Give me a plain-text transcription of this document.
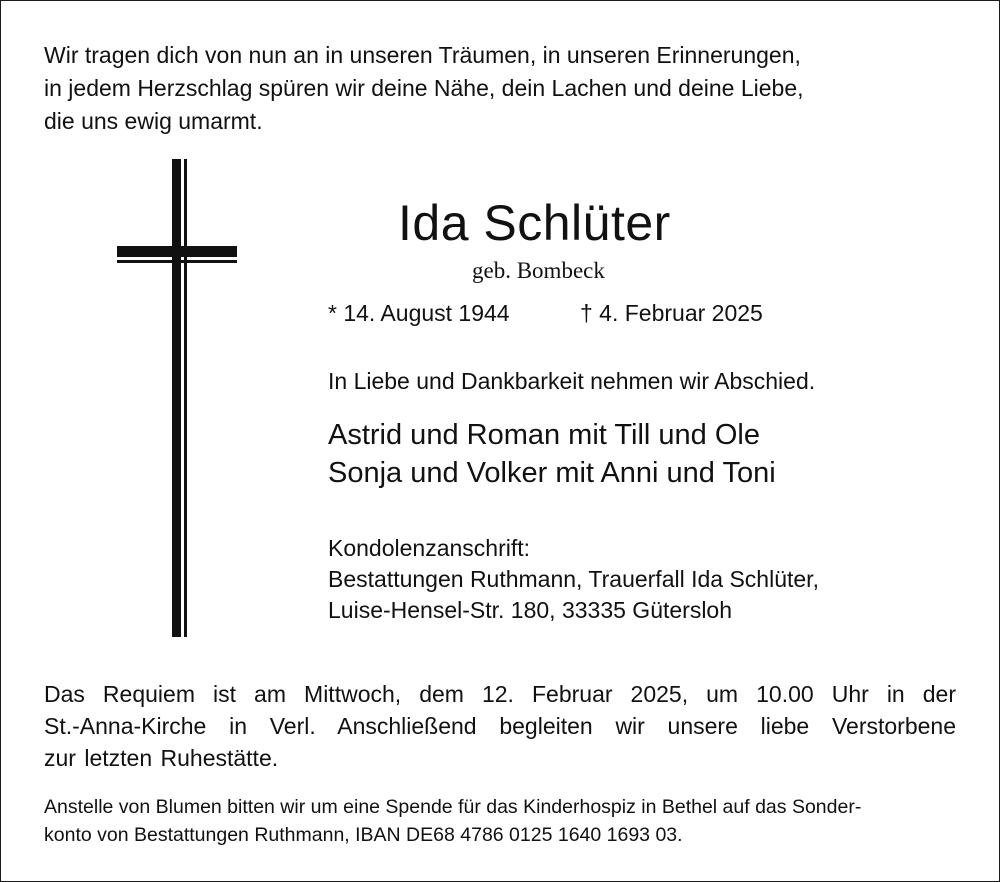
Wir tragen dich von nun an in unseren Träumen, in unseren Erinnerungen,
in jedem Herzschlag spüren wir deine Nähe, dein Lachen und deine Liebe,
die uns ewig umarmt.
Ida Schlüter
geb. Bombeck
* 14. August 1944	† 4. Februar 2025
In Liebe und Dankbarkeit nehmen wir Abschied.
Astrid und Roman mit Till und Ole
Sonja und Volker mit Anni und Toni
Kondolenzanschrift:
Bestattungen Ruthmann, Trauerfall Ida Schlüter,
Luise-Hensel-Str. 180, 33335 Gütersloh
Das Requiem ist am Mittwoch, dem 12. Februar 2025, um 10.00 Uhr in der
St.-Anna-Kirche in Verl. Anschließend begleiten wir unsere liebe Verstorbene
zur letzten Ruhestätte.
Anstelle von Blumen bitten wir um eine Spende für das Kinderhospiz in Bethel auf das Sonder-
konto von Bestattungen Ruthmann, IBAN DE68 4786 0125 1640 1693 03.
